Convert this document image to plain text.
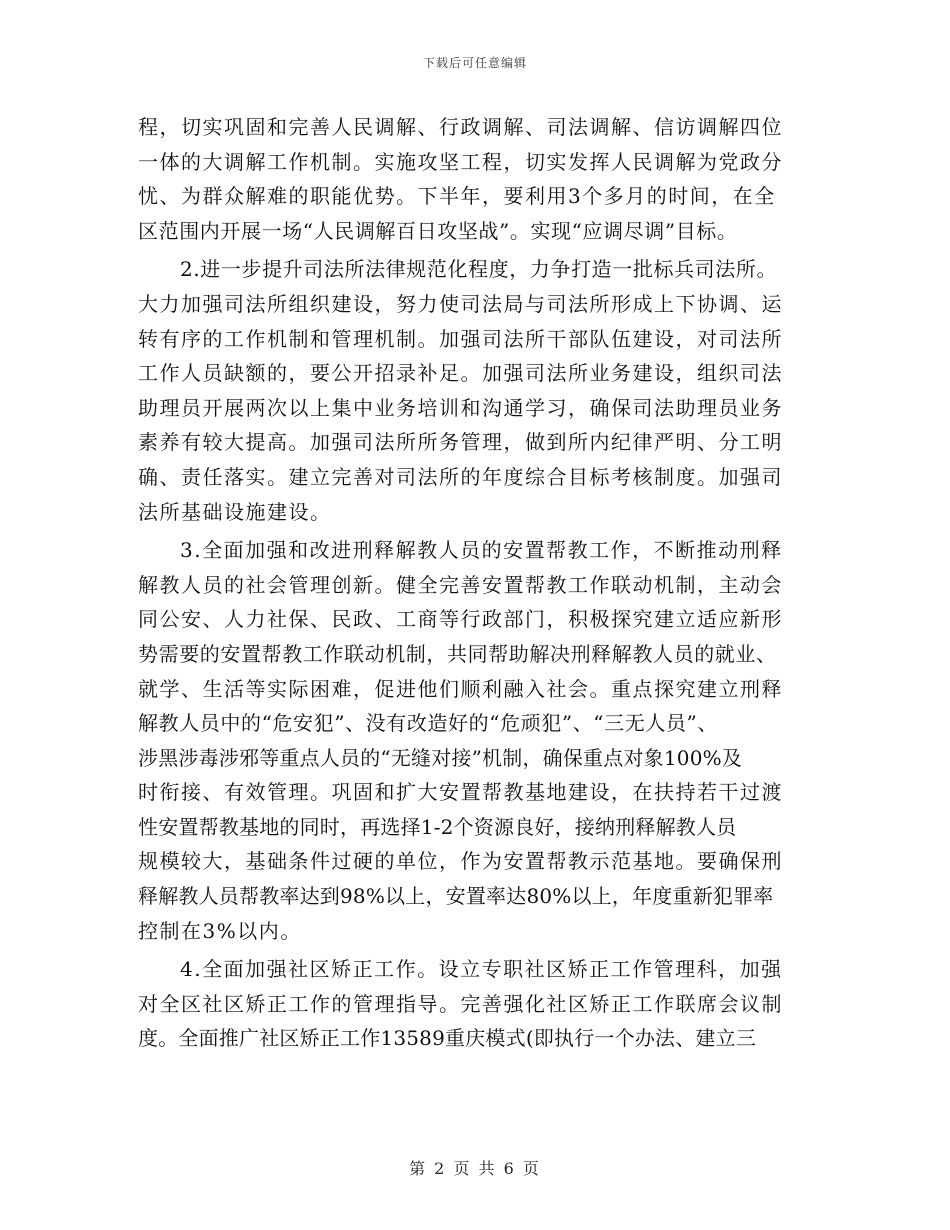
下载后可任意编辑
程，切实巩固和完善人民调解、行政调解、司法调解、信访调解四位
一体的大调解工作机制。实施攻坚工程，切实发挥人民调解为党政分
忧、为群众解难的职能优势。下半年，要利用3个多月的时间，在全
区范围内开展一场“人民调解百日攻坚战”。实现“应调尽调”目标。
2.进一步提升司法所法律规范化程度，力争打造一批标兵司法所。
大力加强司法所组织建设，努力使司法局与司法所形成上下协调、运
转有序的工作机制和管理机制。加强司法所干部队伍建设，对司法所
工作人员缺额的，要公开招录补足。加强司法所业务建设，组织司法
助理员开展两次以上集中业务培训和沟通学习，确保司法助理员业务
素养有较大提高。加强司法所所务管理，做到所内纪律严明、分工明
确、责任落实。建立完善对司法所的年度综合目标考核制度。加强司
法所基础设施建设。
3.全面加强和改进刑释解教人员的安置帮教工作，不断推动刑释
解教人员的社会管理创新。健全完善安置帮教工作联动机制，主动会
同公安、人力社保、民政、工商等行政部门，积极探究建立适应新形
势需要的安置帮教工作联动机制，共同帮助解决刑释解教人员的就业、
就学、生活等实际困难，促进他们顺利融入社会。重点探究建立刑释
解教人员中的“危安犯”、没有改造好的“危顽犯”、“三无人员”、
涉黑涉毒涉邪等重点人员的“无缝对接”机制，确保重点对象100%及
时衔接、有效管理。巩固和扩大安置帮教基地建设，在扶持若干过渡
性安置帮教基地的同时，再选择1-2个资源良好，接纳刑释解教人员
规模较大，基础条件过硬的单位，作为安置帮教示范基地。要确保刑
释解教人员帮教率达到98%以上，安置率达80%以上，年度重新犯罪率
控制在3%以内。
4.全面加强社区矫正工作。设立专职社区矫正工作管理科，加强
对全区社区矫正工作的管理指导。完善强化社区矫正工作联席会议制
度。全面推广社区矫正工作13589重庆模式(即执行一个办法、建立三
第 2 页 共 6 页
